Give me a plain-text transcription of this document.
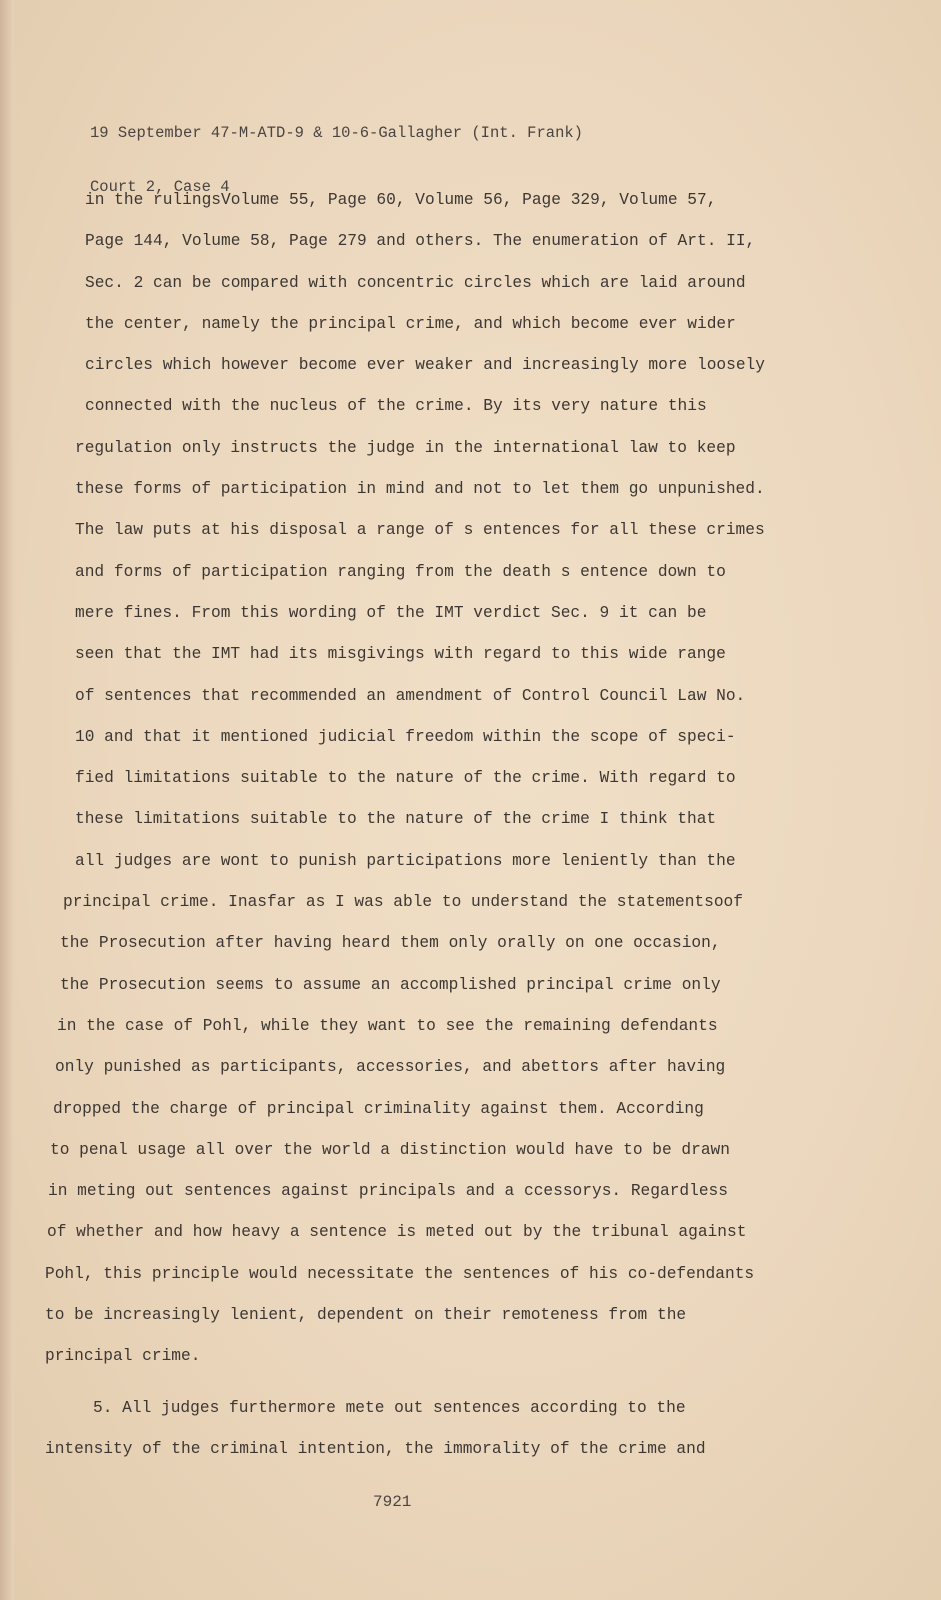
19 September 47-M-ATD-9 & 10-6-Gallagher (Int. Frank)

Court 2, Case 4

in the rulingsVolume 55, Page 60, Volume 56, Page 329, Volume 57,
Page 144, Volume 58, Page 279 and others. The enumeration of Art. II,
Sec. 2 can be compared with concentric circles which are laid around
the center, namely the principal crime, and which become ever wider
circles which however become ever weaker and increasingly more loosely
connected with the nucleus of the crime. By its very nature this
regulation only instructs the judge in the international law to keep
these forms of participation in mind and not to let them go unpunished.
The law puts at his disposal a range of s entences for all these crimes
and forms of participation ranging from the death s entence down to
mere fines. From this wording of the IMT verdict Sec. 9 it can be
seen that the IMT had its misgivings with regard to this wide range
of sentences that recommended an amendment of Control Council Law No.
10 and that it mentioned judicial freedom within the scope of speci-
fied limitations suitable to the nature of the crime. With regard to
these limitations suitable to the nature of the crime I think that
all judges are wont to punish participations more leniently than the
principal crime. Inasfar as I was able to understand the statementsoof
the Prosecution after having heard them only orally on one occasion,
the Prosecution seems to assume an accomplished principal crime only
in the case of Pohl, while they want to see the remaining defendants
only punished as participants, accessories, and abettors after having
dropped the charge of principal criminality against them. According
to penal usage all over the world a distinction would have to be drawn
in meting out sentences against principals and a ccessorys. Regardless
of whether and how heavy a sentence is meted out by the tribunal against
Pohl, this principle would necessitate the sentences of his co-defendants
to be increasingly lenient, dependent on their remoteness from the
principal crime.
5. All judges furthermore mete out sentences according to the
intensity of the criminal intention, the immorality of the crime and
7921
